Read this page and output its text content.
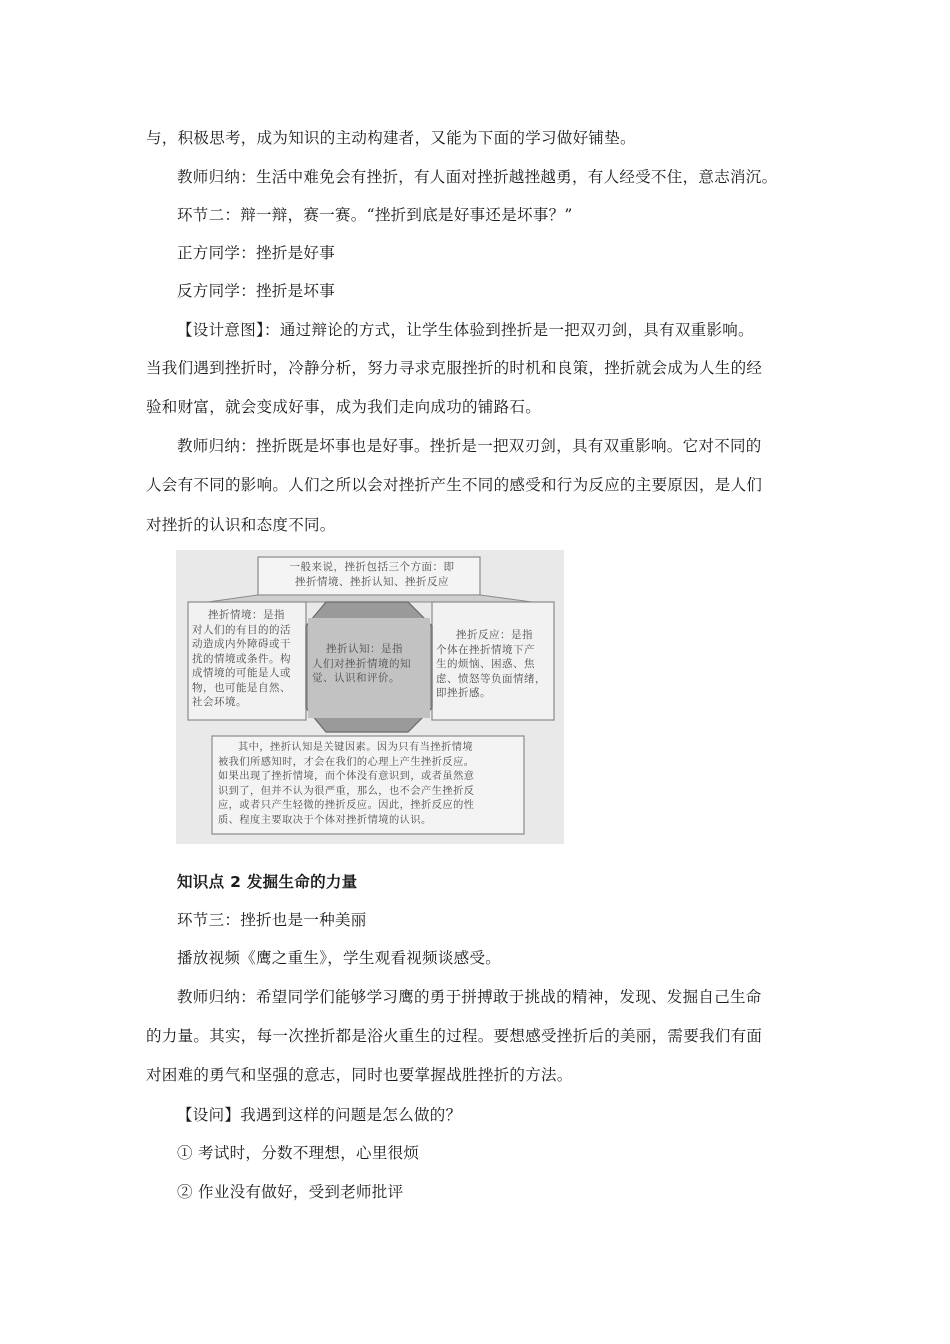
与，积极思考，成为知识的主动构建者，又能为下面的学习做好铺垫。
教师归纳：生活中难免会有挫折，有人面对挫折越挫越勇，有人经受不住，意志消沉。
环节二：辩一辩，赛一赛。“挫折到底是好事还是坏事？”
正方同学：挫折是好事
反方同学：挫折是坏事
【设计意图】：通过辩论的方式，让学生体验到挫折是一把双刃剑，具有双重影响。
当我们遇到挫折时，冷静分析，努力寻求克服挫折的时机和良策，挫折就会成为人生的经
验和财富，就会变成好事，成为我们走向成功的铺路石。
教师归纳：挫折既是坏事也是好事。挫折是一把双刃剑，具有双重影响。它对不同的
人会有不同的影响。人们之所以会对挫折产生不同的感受和行为反应的主要原因，是人们
对挫折的认识和态度不同。
一般来说，挫折包括三个方面：即
挫折情境、挫折认知、挫折反应
挫折情境：是指
对人们的有目的的活
动造成内外障碍或干
扰的情境或条件。构
成情境的可能是人或
物，也可能是自然、
社会环境。
挫折认知：是指
人们对挫折情境的知
觉、认识和评价。
挫折反应：是指
个体在挫折情境下产
生的烦恼、困惑、焦
虑、愤怒等负面情绪，
即挫折感。
其中，挫折认知是关键因素。因为只有当挫折情境
被我们所感知时，才会在我们的心理上产生挫折反应。
如果出现了挫折情境，而个体没有意识到，或者虽然意
识到了，但并不认为很严重，那么，也不会产生挫折反
应，或者只产生轻微的挫折反应。因此，挫折反应的性
质、程度主要取决于个体对挫折情境的认识。
知识点 2 发掘生命的力量
环节三：挫折也是一种美丽
播放视频《鹰之重生》，学生观看视频谈感受。
教师归纳：希望同学们能够学习鹰的勇于拼搏敢于挑战的精神，发现、发掘自己生命
的力量。其实，每一次挫折都是浴火重生的过程。要想感受挫折后的美丽，需要我们有面
对困难的勇气和坚强的意志，同时也要掌握战胜挫折的方法。
【设问】我遇到这样的问题是怎么做的？
① 考试时，分数不理想，心里很烦
② 作业没有做好，受到老师批评
